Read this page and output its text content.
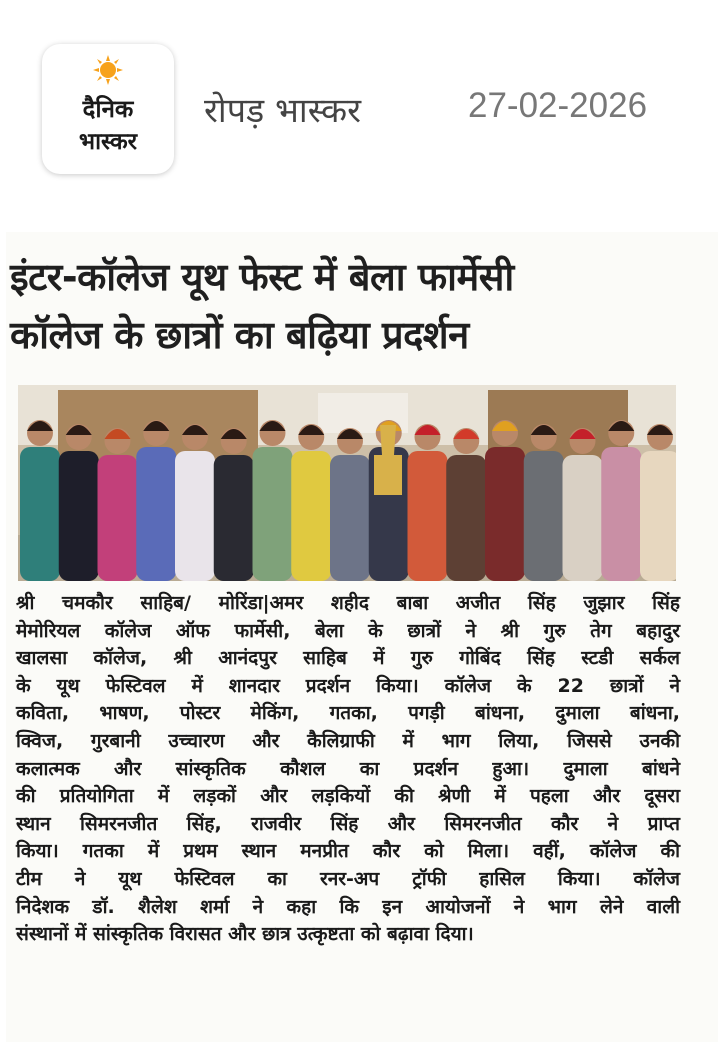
दैनिक
भास्कर
रोपड़ भास्कर	27-02-2026
इंटर-कॉलेज यूथ फेस्ट में बेला फार्मेसी
कॉलेज के छात्रों का बढ़िया प्रदर्शन
श्री चमकौर साहिब/ मोरिंडा|अमर शहीद बाबा अजीत सिंह जुझार सिंह
मेमोरियल कॉलेज ऑफ फार्मेसी, बेला के छात्रों ने श्री गुरु तेग बहादुर
खालसा कॉलेज, श्री आनंदपुर साहिब में गुरु गोबिंद सिंह स्टडी सर्कल
के यूथ फेस्टिवल में शानदार प्रदर्शन किया। कॉलेज के 22 छात्रों ने
कविता, भाषण, पोस्टर मेकिंग, गतका, पगड़ी बांधना, दुमाला बांधना,
क्विज, गुरबानी उच्चारण और कैलिग्राफी में भाग लिया, जिससे उनकी
कलात्मक और सांस्कृतिक कौशल का प्रदर्शन हुआ। दुमाला बांधने
की प्रतियोगिता में लड़कों और लड़कियों की श्रेणी में पहला और दूसरा
स्थान सिमरनजीत सिंह, राजवीर सिंह और सिमरनजीत कौर ने प्राप्त
किया। गतका में प्रथम स्थान मनप्रीत कौर को मिला। वहीं, कॉलेज की
टीम ने यूथ फेस्टिवल का रनर-अप ट्रॉफी हासिल किया। कॉलेज
निदेशक डॉ. शैलेश शर्मा ने कहा कि इन आयोजनों ने भाग लेने वाली
संस्थानों में सांस्कृतिक विरासत और छात्र उत्कृष्टता को बढ़ावा दिया।
